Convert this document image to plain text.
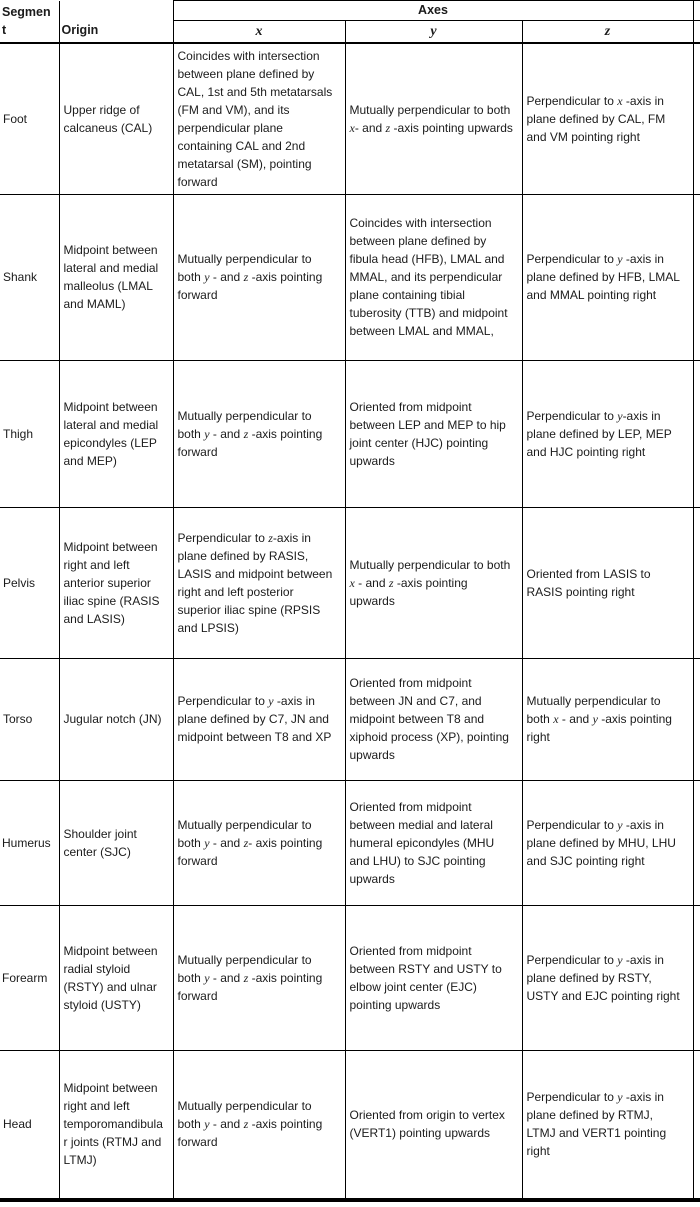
Segment	Origin	Axes			
		x	y	z	
Foot	Upper ridge of calcaneus (CAL)	Coincides with intersection between plane defined by CAL, 1st and 5th metatarsals (FM and VM), and its perpendicular plane containing CAL and 2nd metatarsal (SM), pointing forward	Mutually perpendicular to both x- and z -axis pointing upwards	Perpendicular to x -axis in plane defined by CAL, FM and VM pointing right	
Shank	Midpoint between lateral and medial malleolus (LMAL and MAML)	Mutually perpendicular to both y - and z -axis pointing forward	Coincides with intersection between plane defined by fibula head (HFB), LMAL and MMAL, and its perpendicular plane containing tibial tuberosity (TTB) and midpoint between LMAL and MMAL,	Perpendicular to y -axis in plane defined by HFB, LMAL and MMAL pointing right	
Thigh	Midpoint between lateral and medial epicondyles (LEP and MEP)	Mutually perpendicular to both y - and z -axis pointing forward	Oriented from midpoint between LEP and MEP to hip joint center (HJC) pointing upwards	Perpendicular to y-axis in plane defined by LEP, MEP and HJC pointing right	
Pelvis	Midpoint between right and left anterior superior iliac spine (RASIS and LASIS)	Perpendicular to z-axis in plane defined by RASIS, LASIS and midpoint between right and left posterior superior iliac spine (RPSIS and LPSIS)	Mutually perpendicular to both x - and z -axis pointing upwards	Oriented from LASIS to RASIS pointing right	
Torso	Jugular notch (JN)	Perpendicular to y -axis in plane defined by C7, JN and midpoint between T8 and XP	Oriented from midpoint between JN and C7, and midpoint between T8 and xiphoid process (XP), pointing upwards	Mutually perpendicular to both x - and y -axis pointing right	
Humerus	Shoulder joint center (SJC)	Mutually perpendicular to both y - and z- axis pointing forward	Oriented from midpoint between medial and lateral humeral epicondyles (MHU and LHU) to SJC pointing upwards	Perpendicular to y -axis in plane defined by MHU, LHU and SJC pointing right	
Forearm	Midpoint between radial styloid (RSTY) and ulnar styloid (USTY)	Mutually perpendicular to both y - and z -axis pointing forward	Oriented from midpoint between RSTY and USTY to elbow joint center (EJC) pointing upwards	Perpendicular to y -axis in plane defined by RSTY, USTY and EJC pointing right	
Head	Midpoint between right and left temporomandibular joints (RTMJ and LTMJ)	Mutually perpendicular to both y - and z -axis pointing forward	Oriented from origin to vertex (VERT1) pointing upwards	Perpendicular to y -axis in plane defined by RTMJ, LTMJ and VERT1 pointing right	
